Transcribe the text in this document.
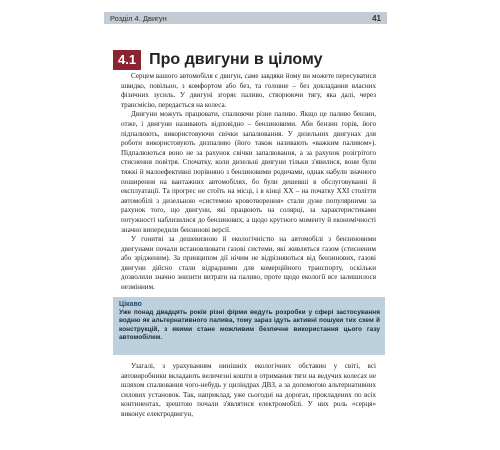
Розділ 4. Двигун	41
4.1 Про двигуни в цілому

Серцем вашого автомобіля є двигун, саме завдяки йому ви можете пересуватися швидко, повільно, з комфортом або без, та головне – без докладання власних фізичних зусиль. У двигуні згоряє паливо, створюючи тягу, яка далі, через трансмісію, передається на колеса.

Двигуни можуть працювати, спалюючи різне паливо. Якщо це паливо бензин, отже, і двигуни називають відповідно – бензиновими. Аби бензин горів, його підпалюють, використовуючи свічки запалювання. У дизельних двигунах для роботи використовують дизпаливо (його також називають «важким паливом»). Підпалюються воно не за рахунок свічки запалювання, а за рахунок розігрітого стиснення повітря. Спочатку, коли дизельні двигуни тільки з'явилися, вони були тяжкі й малоефективні порівняно з бензиновими родичами, однак набули значного поширення на вантажних автомобілях, бо були дешевші в обслуговуванні й експлуатації. Та прогрес не стоїть на місці, і в кінці XX – на початку XXI століття автомобілі з дизельною «системою кровотворення» стали дуже популярними за рахунок того, що двигуни, які працюють на солярці, за характеристиками потужності наблизилися до бензинових, а щодо крутного моменту й економічності значно випередили бензинові версії.

У гонитві за дешевизною й екологічністю на автомобілі з бензиновими двигунами почали встановлювати газові системи, які живляться газом (стисненим або зрідженим). За принципом дії нічим не відрізняються від бензинових, газові двигуни дійсно стали відрадними для комерційного транспорту, оскільки дозволили значно знизити витрати на паливо, проте щодо екології все залишилося незмінним.

Цікаво
Уже понад двадцять років різні фірми ведуть розробки у сфері застосування водню як альтернативного палива, тому зараз ідуть активні пошуки тих схем й конструкцій, з якими стане можливим безпечне використання цього газу автомобілем.

Узагалі, з урахуванням нинішніх екологічних обставин у світі, всі автовиробники вкладають величезні кошти в отримання тяги на ведучих колесах не шляхом спалювання чого-небудь у циліндрах ДВЗ, а за допомогою альтернативних силових установок. Так, наприклад, уже сьогодні на дорогах, прокладених по всіх континентах, зрештою почали з'являтися електромобілі. У них роль «серця» виконує електродвигун,
